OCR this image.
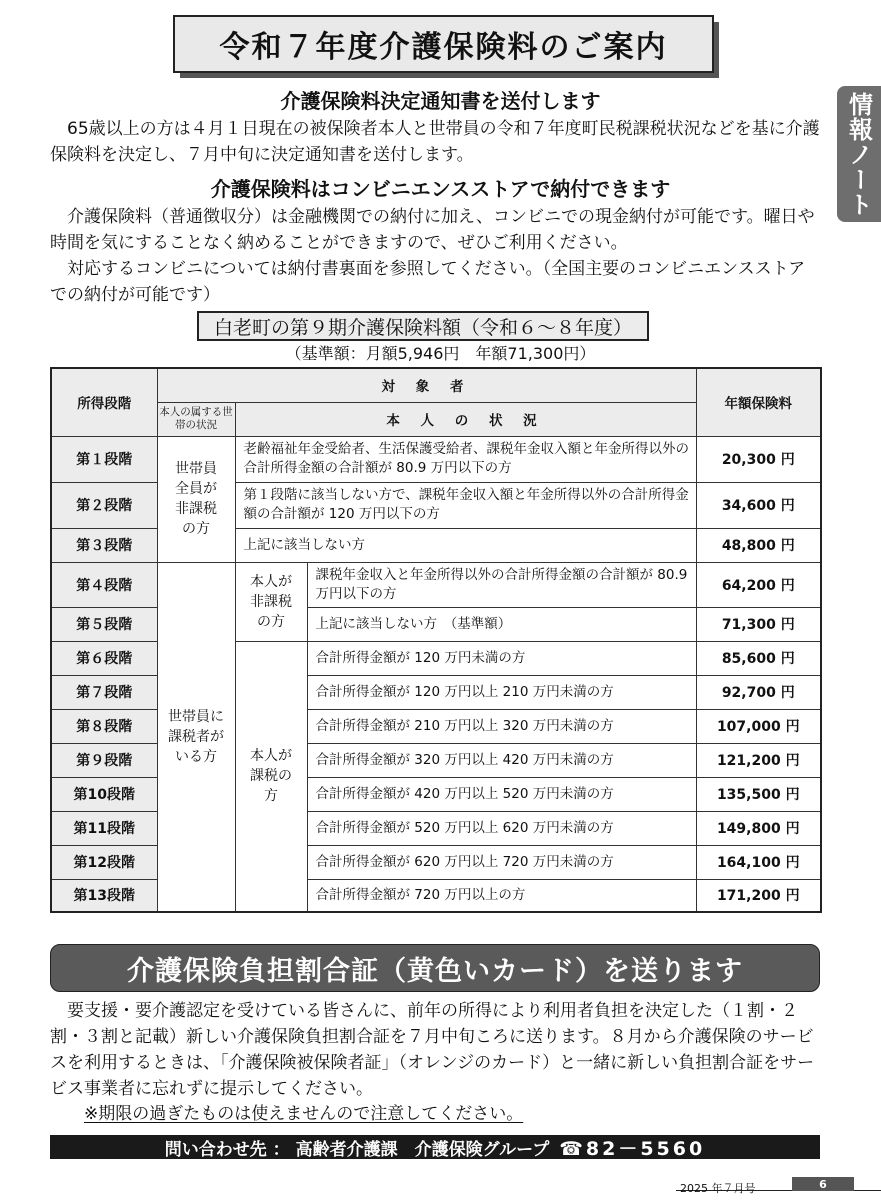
令和７年度介護保険料のご案内
情報ノート
介護保険料決定通知書を送付します

65歳以上の方は４月１日現在の被保険者本人と世帯員の令和７年度町民税課税状況などを基に介護保険料を決定し、７月中旬に決定通知書を送付します。

介護保険料はコンビニエンスストアで納付できます

介護保険料（普通徴収分）は金融機関での納付に加え、コンビニでの現金納付が可能です。曜日や時間を気にすることなく納めることができますので、ぜひご利用ください。

対応するコンビニについては納付書裏面を参照してください。（全国主要のコンビニエンスストアでの納付が可能です）

白老町の第９期介護保険料額（令和６～８年度）
（基準額：月額5,946円　年額71,300円）
所得段階	対 象 者			年額保険料
	本人の属する世帯の状況	本 人 の 状 況		
第１段階	世帯員全員が非課税の方	老齢福祉年金受給者、生活保護受給者、課税年金収入額と年金所得以外の合計所得金額の合計額が 80.9 万円以下の方		20,300 円
第２段階		第１段階に該当しない方で、課税年金収入額と年金所得以外の合計所得金額の合計額が 120 万円以下の方		34,600 円
第３段階		上記に該当しない方		48,800 円
第４段階	世帯員に課税者がいる方	本人が非課税の方	課税年金収入と年金所得以外の合計所得金額の合計額が 80.9 万円以下の方	64,200 円
第５段階			上記に該当しない方　（基準額）	71,300 円
第６段階		本人が課税の方	合計所得金額が 120 万円未満の方	85,600 円
第７段階			合計所得金額が 120 万円以上 210 万円未満の方	92,700 円
第８段階			合計所得金額が 210 万円以上 320 万円未満の方	107,000 円
第９段階			合計所得金額が 320 万円以上 420 万円未満の方	121,200 円
第10段階			合計所得金額が 420 万円以上 520 万円未満の方	135,500 円
第11段階			合計所得金額が 520 万円以上 620 万円未満の方	149,800 円
第12段階			合計所得金額が 620 万円以上 720 万円未満の方	164,100 円
第13段階			合計所得金額が 720 万円以上の方	171,200 円
介護保険負担割合証（黄色いカード）を送ります

要支援・要介護認定を受けている皆さんに、前年の所得により利用者負担を決定した（１割・２割・３割と記載）新しい介護保険負担割合証を７月中旬ころに送ります。８月から介護保険のサービスを利用するときは、「介護保険被保険者証」（オレンジのカード）と一緒に新しい負担割合証をサービス事業者に忘れずに提示してください。

※期限の過ぎたものは使えませんので注意してください。
問い合わせ先 ： 高齢者介護課　介護保険グループ ☎82－5560
2025 年７月号	6
